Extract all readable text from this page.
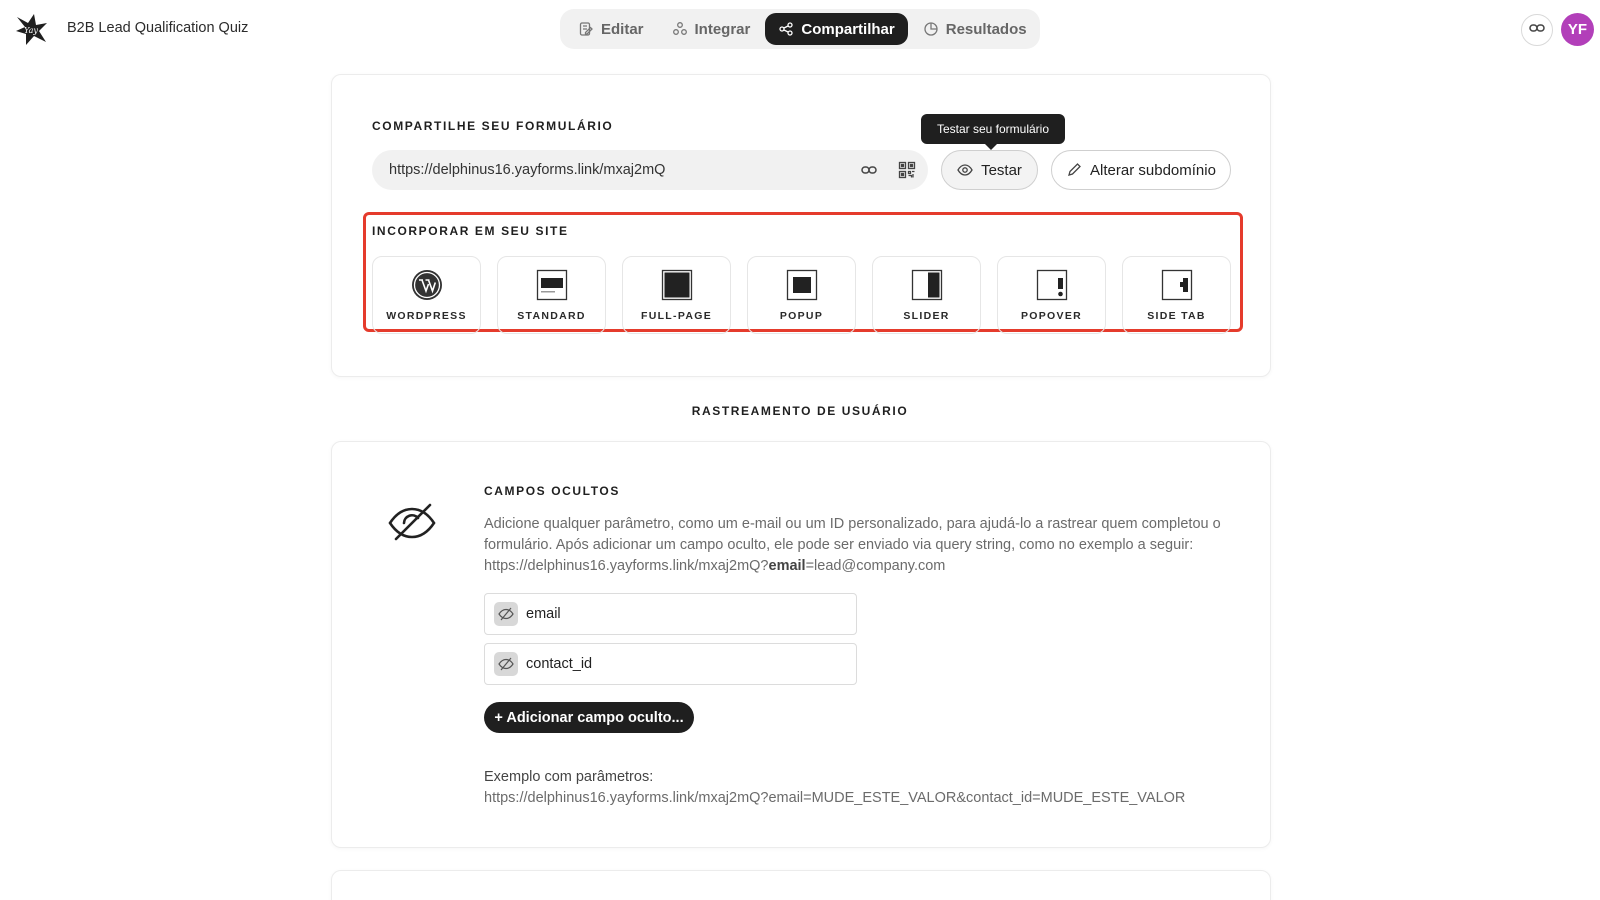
Yay B2B Lead Qualification Quiz	Editar	Integrar	Compartilhar	Resultados	YF
COMPARTILHE SEU FORMULÁRIO
https://delphinus16.yayforms.link/mxaj2mQ
Testar seu formulário
Testar	Alterar subdomínio
INCORPORAR EM SEU SITE
WORDPRESS	STANDARD	FULL-PAGE	POPUP	SLIDER	POPOVER	SIDE TAB
RASTREAMENTO DE USUÁRIO
CAMPOS OCULTOS
Adicione qualquer parâmetro, como um e-mail ou um ID personalizado, para ajudá-lo a rastrear quem completou o formulário. Após adicionar um campo oculto, ele pode ser enviado via query string, como no exemplo a seguir:
https://delphinus16.yayforms.link/mxaj2mQ?email=lead@company.com
email
contact_id
+ Adicionar campo oculto...
Exemplo com parâmetros:
https://delphinus16.yayforms.link/mxaj2mQ?email=MUDE_ESTE_VALOR&contact_id=MUDE_ESTE_VALOR
